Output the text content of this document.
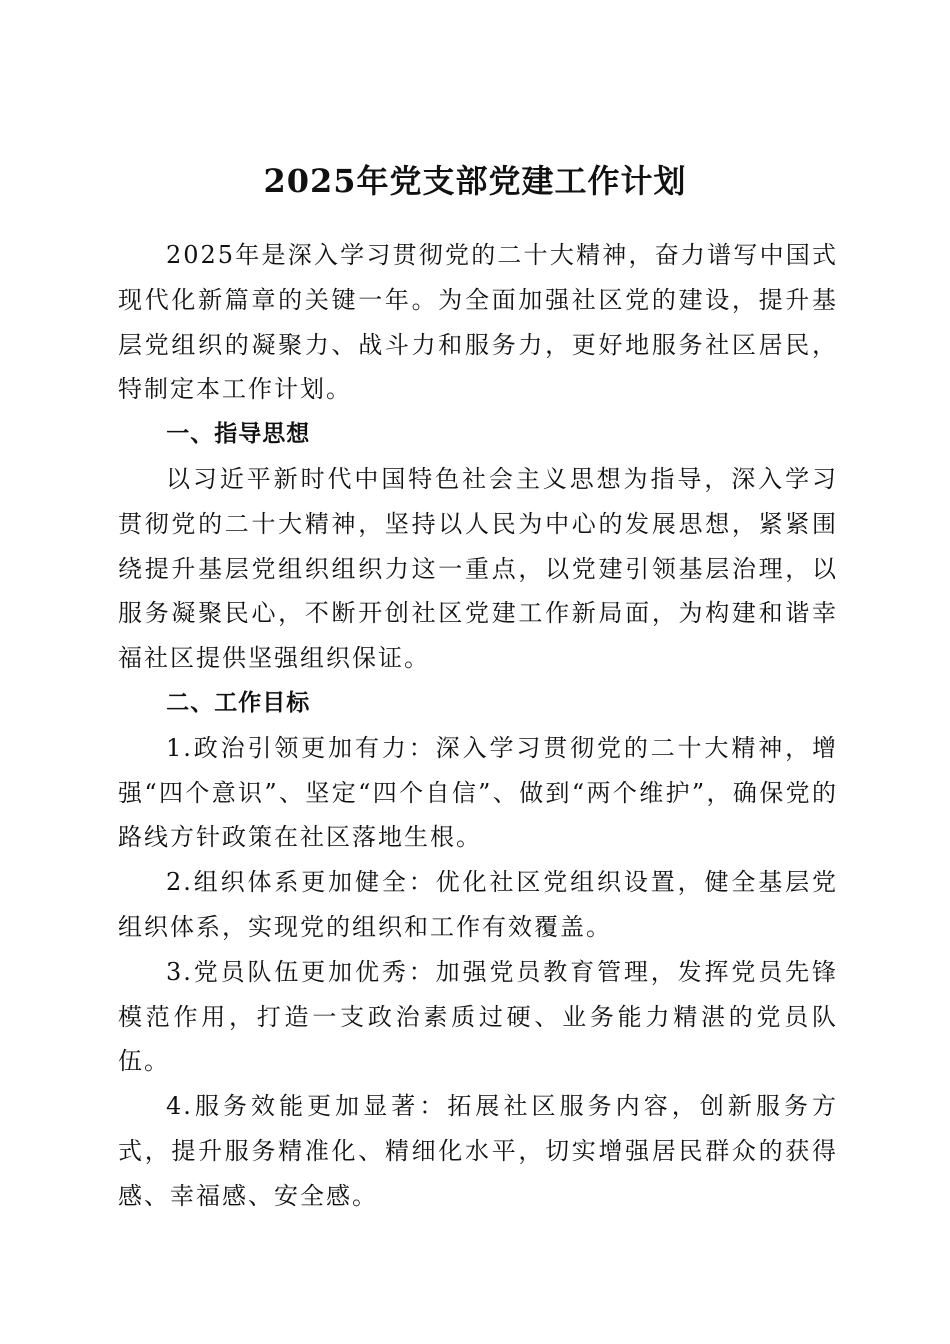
2025年党支部党建工作计划

2025年是深入学习贯彻党的二十大精神，奋力谱写中国式现代化新篇章的关键一年。为全面加强社区党的建设，提升基层党组织的凝聚力、战斗力和服务力，更好地服务社区居民，特制定本工作计划。

一、指导思想

以习近平新时代中国特色社会主义思想为指导，深入学习贯彻党的二十大精神，坚持以人民为中心的发展思想，紧紧围绕提升基层党组织组织力这一重点，以党建引领基层治理，以服务凝聚民心，不断开创社区党建工作新局面，为构建和谐幸福社区提供坚强组织保证。

二、工作目标

1.政治引领更加有力：深入学习贯彻党的二十大精神，增强“四个意识”、坚定“四个自信”、做到“两个维护”，确保党的路线方针政策在社区落地生根。

2.组织体系更加健全：优化社区党组织设置，健全基层党组织体系，实现党的组织和工作有效覆盖。

3.党员队伍更加优秀：加强党员教育管理，发挥党员先锋模范作用，打造一支政治素质过硬、业务能力精湛的党员队伍。

4.服务效能更加显著：拓展社区服务内容，创新服务方式，提升服务精准化、精细化水平，切实增强居民群众的获得感、幸福感、安全感。
